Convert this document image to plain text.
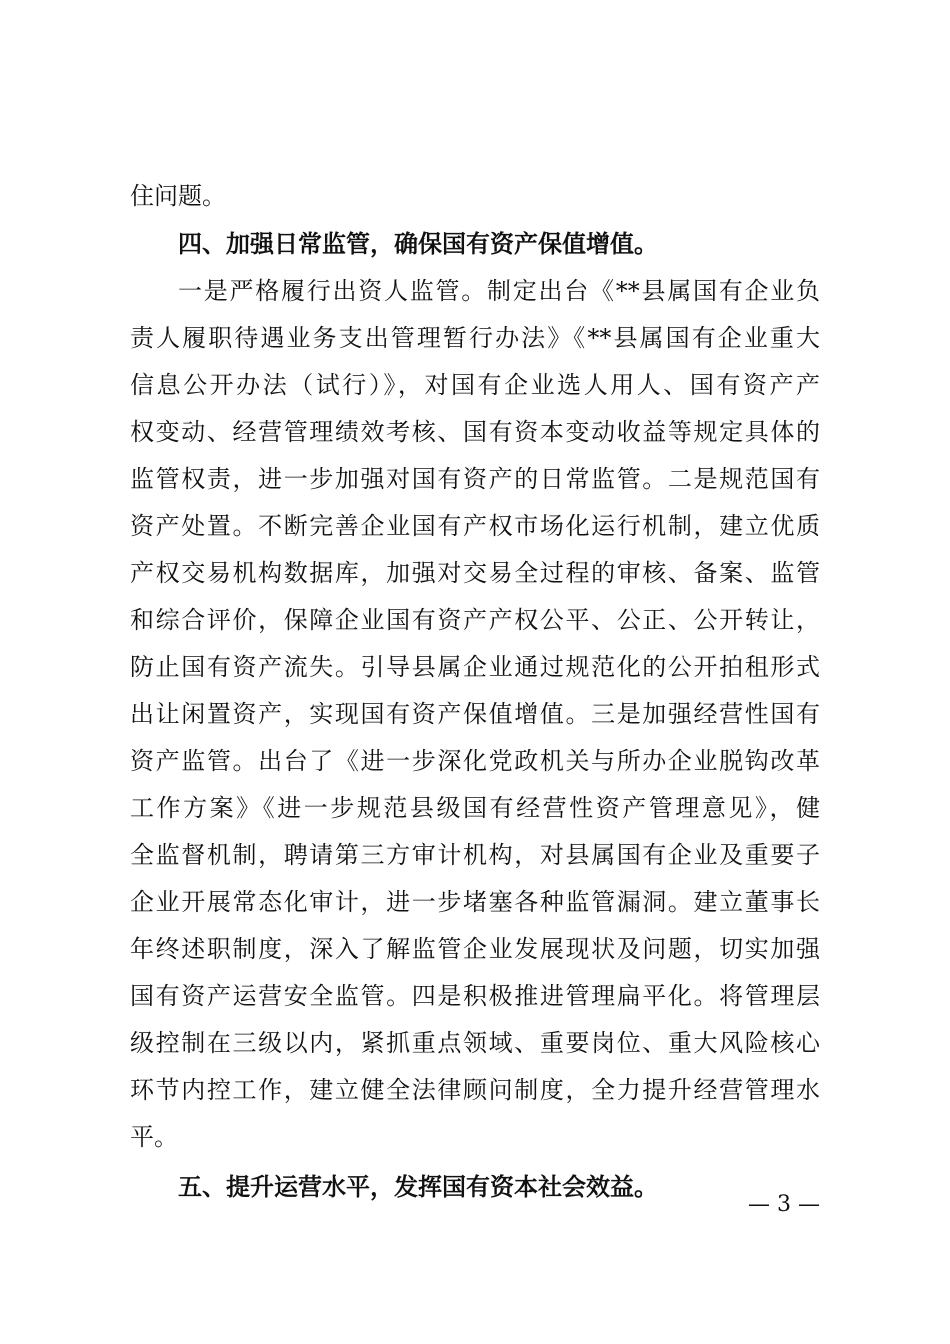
住问题。
四、加强日常监管，确保国有资产保值增值。
一是严格履行出资人监管。制定出台《**县属国有企业负
责人履职待遇业务支出管理暂行办法》《**县属国有企业重大
信息公开办法（试行）》，对国有企业选人用人、国有资产产
权变动、经营管理绩效考核、国有资本变动收益等规定具体的
监管权责，进一步加强对国有资产的日常监管。二是规范国有
资产处置。不断完善企业国有产权市场化运行机制，建立优质
产权交易机构数据库，加强对交易全过程的审核、备案、监管
和综合评价，保障企业国有资产产权公平、公正、公开转让，
防止国有资产流失。引导县属企业通过规范化的公开拍租形式
出让闲置资产，实现国有资产保值增值。三是加强经营性国有
资产监管。出台了《进一步深化党政机关与所办企业脱钩改革
工作方案》《进一步规范县级国有经营性资产管理意见》，健
全监督机制，聘请第三方审计机构，对县属国有企业及重要子
企业开展常态化审计，进一步堵塞各种监管漏洞。建立董事长
年终述职制度，深入了解监管企业发展现状及问题，切实加强
国有资产运营安全监管。四是积极推进管理扁平化。将管理层
级控制在三级以内，紧抓重点领域、重要岗位、重大风险核心
环节内控工作，建立健全法律顾问制度，全力提升经营管理水
平。
五、提升运营水平，发挥国有资本社会效益。
— 3 —
